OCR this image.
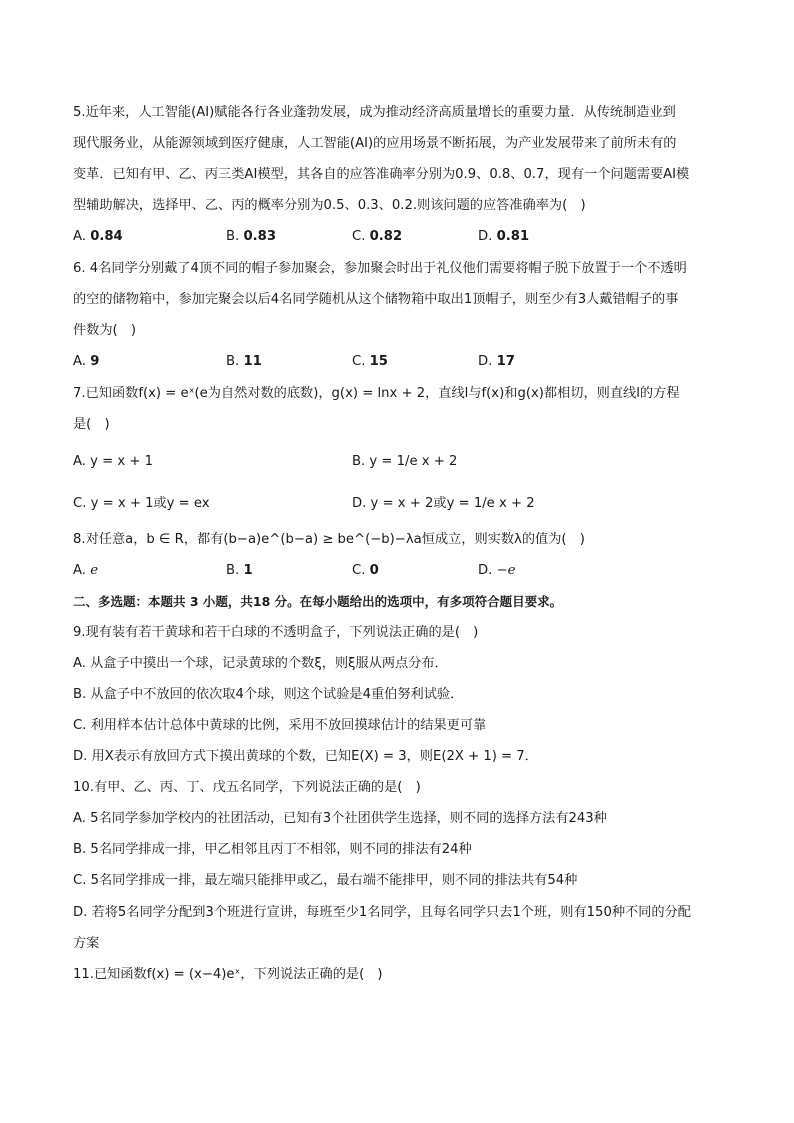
5.近年来，人工智能(AI)赋能各行各业蓬勃发展，成为推动经济高质量增长的重要力量．从传统制造业到
现代服务业，从能源领域到医疗健康，人工智能(AI)的应用场景不断拓展，为产业发展带来了前所未有的
变革．已知有甲、乙、丙三类AI模型，其各自的应答准确率分别为0.9、0.8、0.7，现有一个问题需要AI模
型辅助解决，选择甲、乙、丙的概率分别为0.5、0.3、0.2.则该问题的应答准确率为(　)
A. 0.84	B. 0.83	C. 0.82	D. 0.81
6. 4名同学分别戴了4顶不同的帽子参加聚会，参加聚会时出于礼仪他们需要将帽子脱下放置于一个不透明
的空的储物箱中，参加完聚会以后4名同学随机从这个储物箱中取出1顶帽子，则至少有3人戴错帽子的事
件数为(　)
A. 9	B. 11	C. 15	D. 17
7.已知函数f(x) = eˣ(e为自然对数的底数)，g(x) = lnx + 2，直线l与f(x)和g(x)都相切，则直线l的方程
是(　)
A. y = x + 1	B. y = 1/e x + 2
C. y = x + 1或y = ex	D. y = x + 2或y = 1/e x + 2
8.对任意a，b ∈ R，都有(b−a)e^(b−a) ≥ be^(−b)−λa恒成立，则实数λ的值为(　)
A. e	B. 1	C. 0	D. −e
二、多选题：本题共 3 小题，共18 分。在每小题给出的选项中，有多项符合题目要求。
9.现有装有若干黄球和若干白球的不透明盒子，下列说法正确的是(　)
A. 从盒子中摸出一个球，记录黄球的个数ξ，则ξ服从两点分布．
B. 从盒子中不放回的依次取4个球，则这个试验是4重伯努利试验．
C. 利用样本估计总体中黄球的比例，采用不放回摸球估计的结果更可靠
D. 用X表示有放回方式下摸出黄球的个数，已知E(X) = 3，则E(2X + 1) = 7．
10.有甲、乙、丙、丁、戊五名同学，下列说法正确的是(　)
A. 5名同学参加学校内的社团活动，已知有3个社团供学生选择，则不同的选择方法有243种
B. 5名同学排成一排，甲乙相邻且丙丁不相邻，则不同的排法有24种
C. 5名同学排成一排，最左端只能排甲或乙，最右端不能排甲，则不同的排法共有54种
D. 若将5名同学分配到3个班进行宣讲，每班至少1名同学，且每名同学只去1个班，则有150种不同的分配
方案
11.已知函数f(x) = (x−4)eˣ，下列说法正确的是(　)
